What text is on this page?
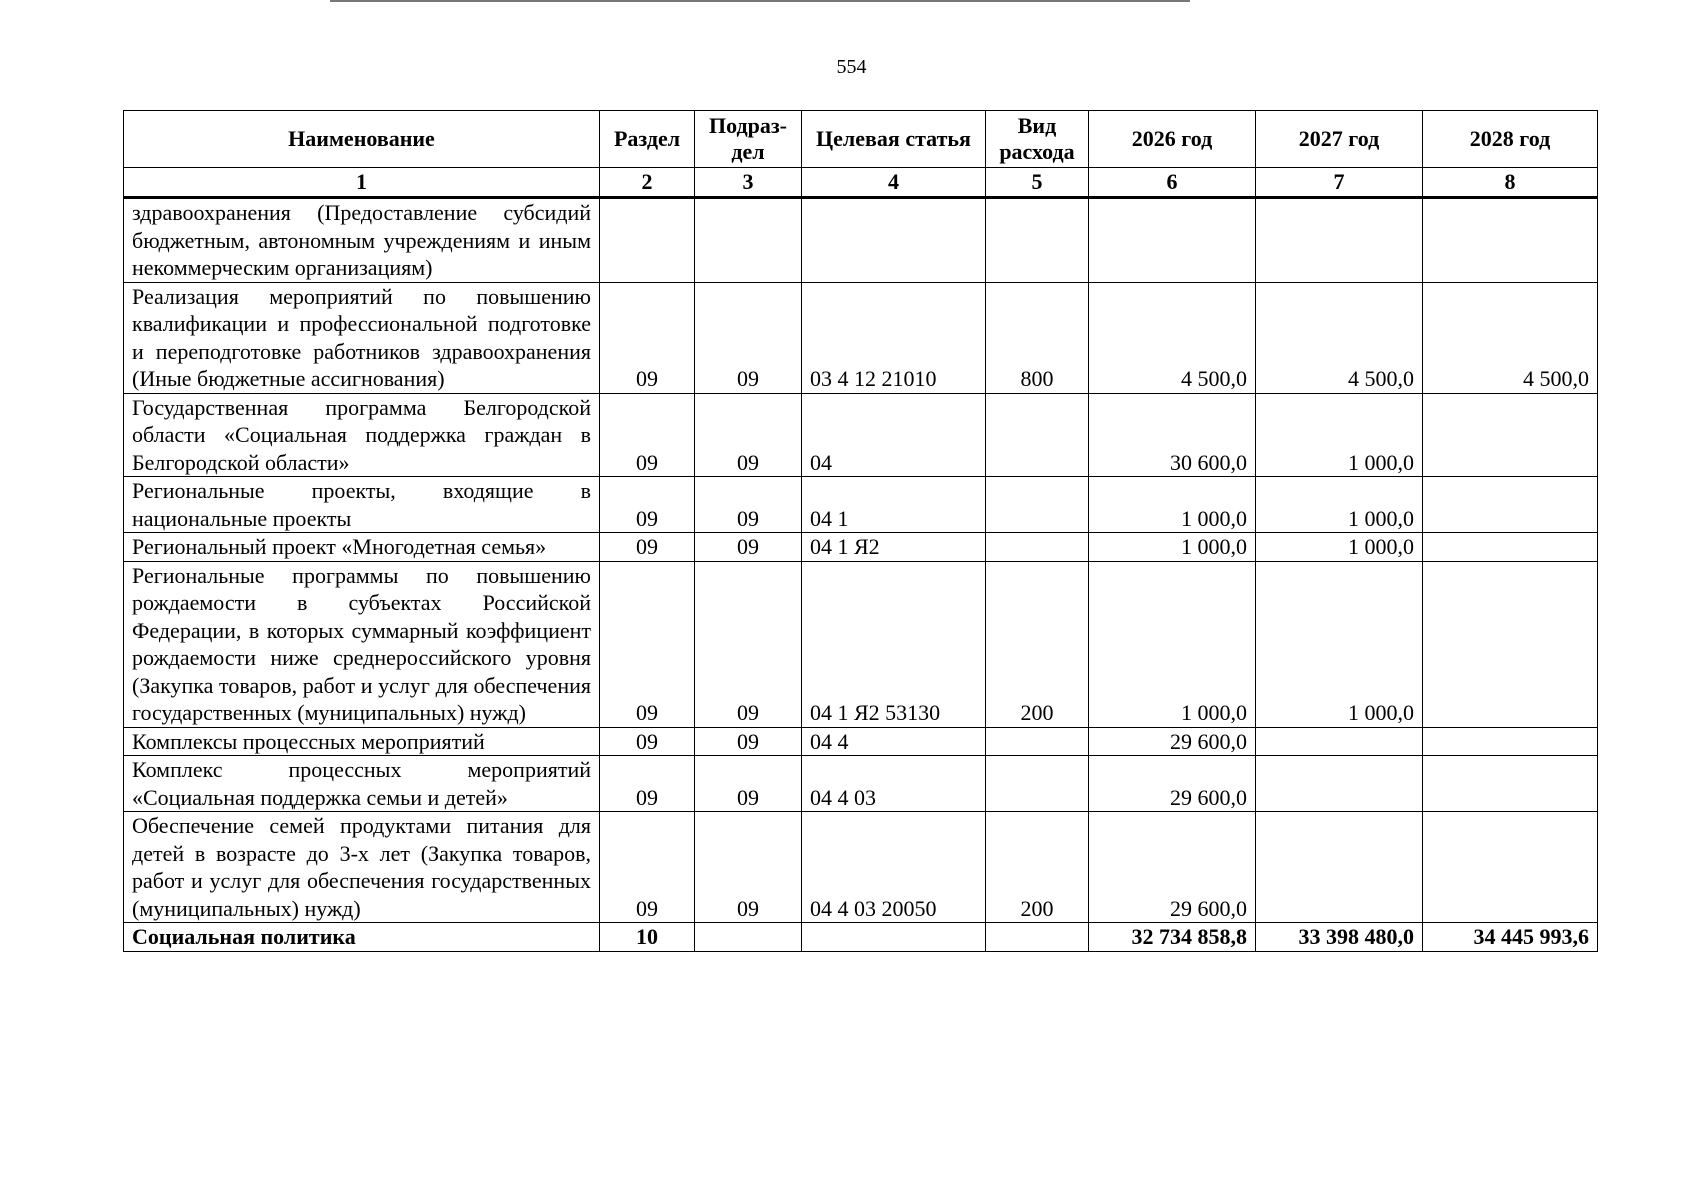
554
Наименование	Раздел	Подраз-дел	Целевая статья	Вид расхода	2026 год	2027 год	2028 год
1	2	3	4	5	6	7	8
здравоохранения (Предоставление субсидий бюджетным, автономным учреждениям и иным некоммерческим организациям)							
Реализация мероприятий по повышению квалификации и профессиональной подготовке и переподготовке работников здравоохранения (Иные бюджетные ассигнования)	09	09	03 4 12 21010	800	4 500,0	4 500,0	4 500,0
Государственная программа Белгородской области «Социальная поддержка граждан в Белгородской области»	09	09	04		30 600,0	1 000,0	
Региональные проекты, входящие в национальные проекты	09	09	04 1		1 000,0	1 000,0	
Региональный проект «Многодетная семья»	09	09	04 1 Я2		1 000,0	1 000,0	
Региональные программы по повышению рождаемости в субъектах Российской Федерации, в которых суммарный коэффициент рождаемости ниже среднероссийского уровня (Закупка товаров, работ и услуг для обеспечения государственных (муниципальных) нужд)	09	09	04 1 Я2 53130	200	1 000,0	1 000,0	
Комплексы процессных мероприятий	09	09	04 4		29 600,0		
Комплекс процессных мероприятий «Социальная поддержка семьи и детей»	09	09	04 4 03		29 600,0		
Обеспечение семей продуктами питания для детей в возрасте до 3-х лет (Закупка товаров, работ и услуг для обеспечения государственных (муниципальных) нужд)	09	09	04 4 03 20050	200	29 600,0		
Социальная политика	10				32 734 858,8	33 398 480,0	34 445 993,6
